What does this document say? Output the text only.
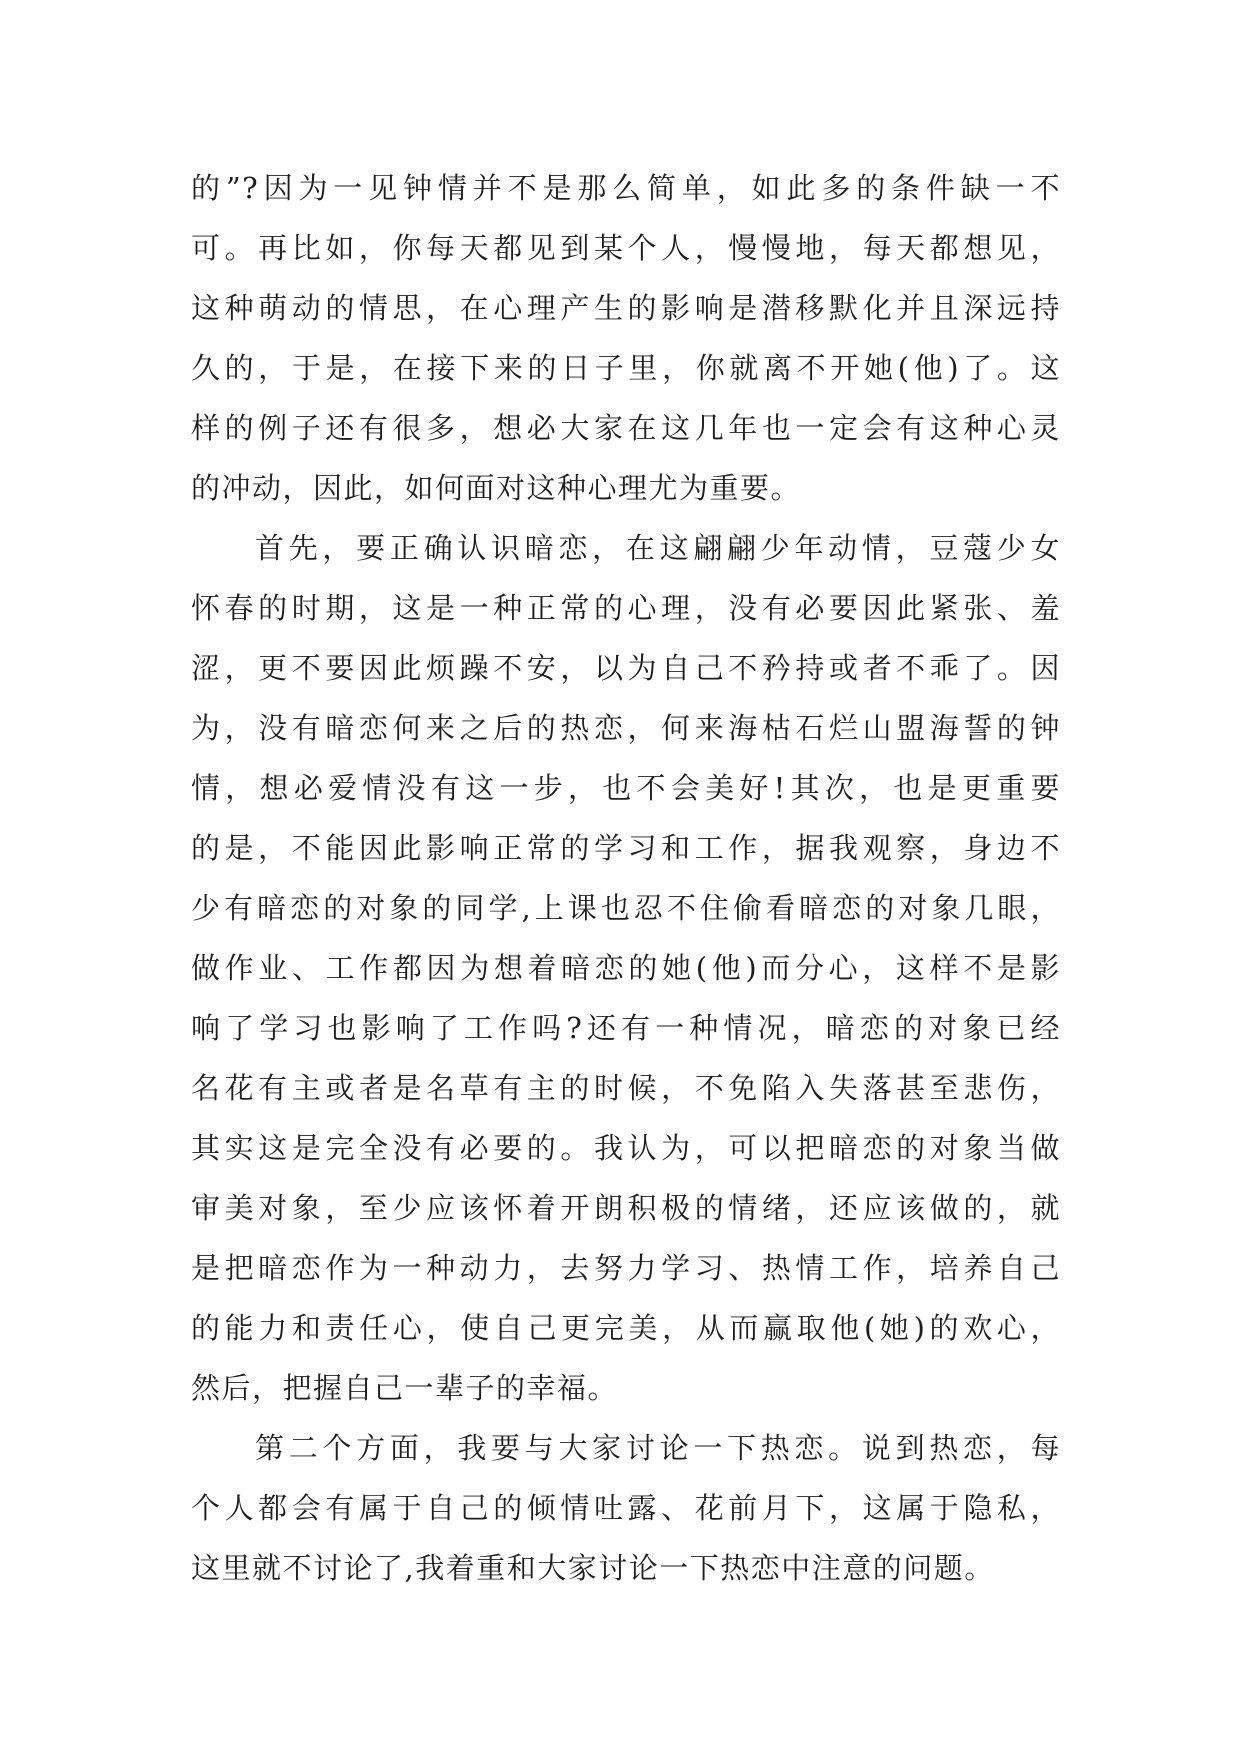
的”?因为一见钟情并不是那么简单，如此多的条件缺一不
可。再比如，你每天都见到某个人，慢慢地，每天都想见，
这种萌动的情思，在心理产生的影响是潜移默化并且深远持
久的，于是，在接下来的日子里，你就离不开她(他)了。这
样的例子还有很多，想必大家在这几年也一定会有这种心灵
的冲动，因此，如何面对这种心理尤为重要。
首先，要正确认识暗恋，在这翩翩少年动情，豆蔻少女
怀春的时期，这是一种正常的心理，没有必要因此紧张、羞
涩，更不要因此烦躁不安，以为自己不矜持或者不乖了。因
为，没有暗恋何来之后的热恋，何来海枯石烂山盟海誓的钟
情，想必爱情没有这一步，也不会美好!其次，也是更重要
的是，不能因此影响正常的学习和工作，据我观察，身边不
少有暗恋的对象的同学,上课也忍不住偷看暗恋的对象几眼，
做作业、工作都因为想着暗恋的她(他)而分心，这样不是影
响了学习也影响了工作吗?还有一种情况，暗恋的对象已经
名花有主或者是名草有主的时候，不免陷入失落甚至悲伤，
其实这是完全没有必要的。我认为，可以把暗恋的对象当做
审美对象，至少应该怀着开朗积极的情绪，还应该做的，就
是把暗恋作为一种动力，去努力学习、热情工作，培养自己
的能力和责任心，使自己更完美，从而赢取他(她)的欢心，
然后，把握自己一辈子的幸福。
第二个方面，我要与大家讨论一下热恋。说到热恋，每
个人都会有属于自己的倾情吐露、花前月下，这属于隐私，
这里就不讨论了,我着重和大家讨论一下热恋中注意的问题。
